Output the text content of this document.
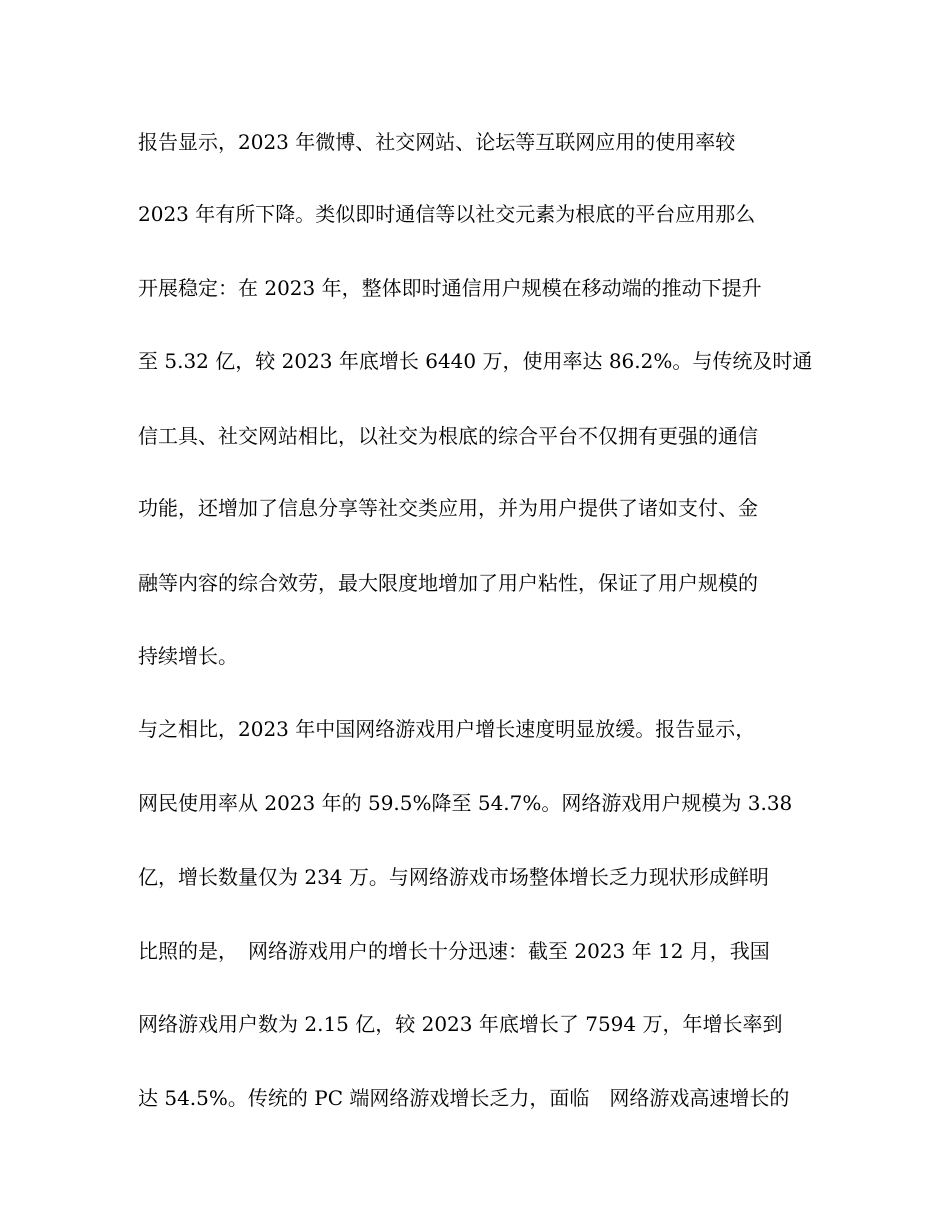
报告显示，2023 年微博、社交网站、论坛等互联网应用的使用率较
2023 年有所下降。类似即时通信等以社交元素为根底的平台应用那么
开展稳定：在 2023 年，整体即时通信用户规模在移动端的推动下提升
至 5.32 亿，较 2023 年底增长 6440 万，使用率达 86.2%。与传统及时通
信工具、社交网站相比，以社交为根底的综合平台不仅拥有更强的通信
功能，还增加了信息分享等社交类应用，并为用户提供了诸如支付、金
融等内容的综合效劳，最大限度地增加了用户粘性，保证了用户规模的
持续增长。
与之相比，2023 年中国网络游戏用户增长速度明显放缓。报告显示，
网民使用率从 2023 年的 59.5%降至 54.7%。网络游戏用户规模为 3.38
亿，增长数量仅为 234 万。与网络游戏市场整体增长乏力现状形成鲜明
比照的是，　网络游戏用户的增长十分迅速：截至 2023 年 12 月，我国
网络游戏用户数为 2.15 亿，较 2023 年底增长了 7594 万，年增长率到
达 54.5%。传统的 PC 端网络游戏增长乏力，面临　网络游戏高速增长的
